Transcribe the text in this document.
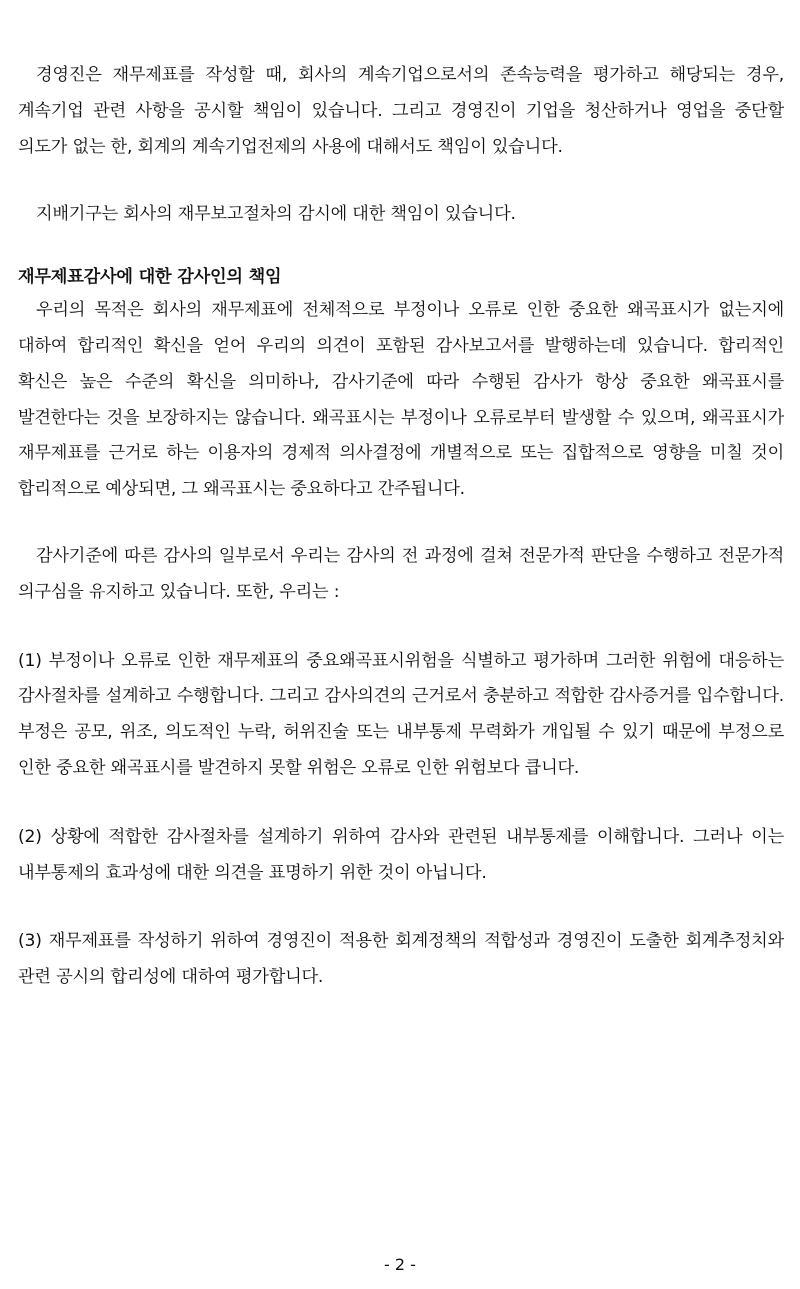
경영진은 재무제표를 작성할 때, 회사의 계속기업으로서의 존속능력을 평가하고 해당되는 경우, 계속기업 관련 사항을 공시할 책임이 있습니다. 그리고 경영진이 기업을 청산하거나 영업을 중단할 의도가 없는 한, 회계의 계속기업전제의 사용에 대해서도 책임이 있습니다.

지배기구는 회사의 재무보고절차의 감시에 대한 책임이 있습니다.

재무제표감사에 대한 감사인의 책임

우리의 목적은 회사의 재무제표에 전체적으로 부정이나 오류로 인한 중요한 왜곡표시가 없는지에 대하여 합리적인 확신을 얻어 우리의 의견이 포함된 감사보고서를 발행하는데 있습니다. 합리적인 확신은 높은 수준의 확신을 의미하나, 감사기준에 따라 수행된 감사가 항상 중요한 왜곡표시를 발견한다는 것을 보장하지는 않습니다. 왜곡표시는 부정이나 오류로부터 발생할 수 있으며, 왜곡표시가 재무제표를 근거로 하는 이용자의 경제적 의사결정에 개별적으로 또는 집합적으로 영향을 미칠 것이 합리적으로 예상되면, 그 왜곡표시는 중요하다고 간주됩니다.

감사기준에 따른 감사의 일부로서 우리는 감사의 전 과정에 걸쳐 전문가적 판단을 수행하고 전문가적 의구심을 유지하고 있습니다. 또한, 우리는 :

(1) 부정이나 오류로 인한 재무제표의 중요왜곡표시위험을 식별하고 평가하며 그러한 위험에 대응하는 감사절차를 설계하고 수행합니다. 그리고 감사의견의 근거로서 충분하고 적합한 감사증거를 입수합니다. 부정은 공모, 위조, 의도적인 누락, 허위진술 또는 내부통제 무력화가 개입될 수 있기 때문에 부정으로 인한 중요한 왜곡표시를 발견하지 못할 위험은 오류로 인한 위험보다 큽니다.

(2) 상황에 적합한 감사절차를 설계하기 위하여 감사와 관련된 내부통제를 이해합니다. 그러나 이는 내부통제의 효과성에 대한 의견을 표명하기 위한 것이 아닙니다.

(3) 재무제표를 작성하기 위하여 경영진이 적용한 회계정책의 적합성과 경영진이 도출한 회계추정치와 관련 공시의 합리성에 대하여 평가합니다.

- 2 -
